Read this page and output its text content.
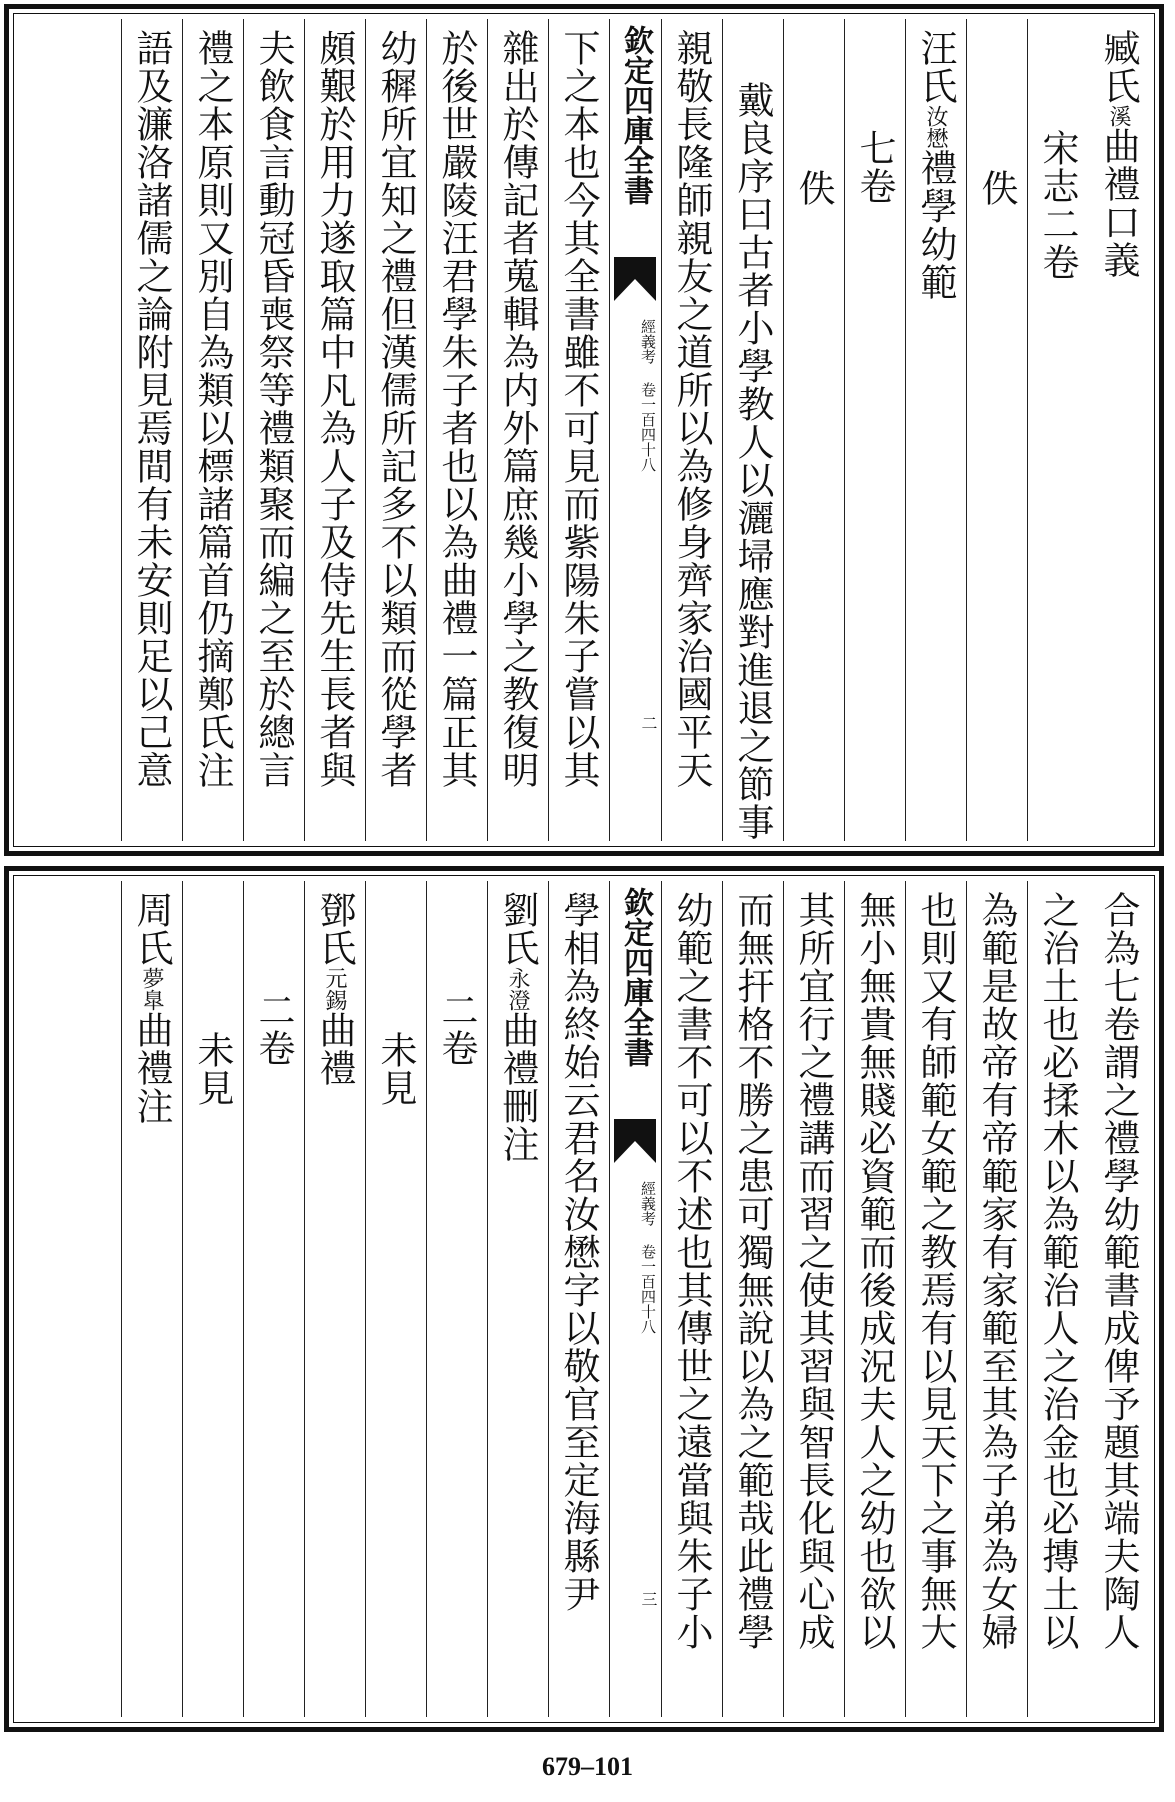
臧氏溪曲禮口義
宋志二卷
佚
汪氏汝懋禮學幼範
七卷
佚
戴良序曰古者小學教人以灑埽應對進退之節事
親敬長隆師親友之道所以為修身齊家治國平天
欽定四庫全書
經義考 卷一百四十八
二
下之本也今其全書雖不可見而紫陽朱子嘗以其
雜出於傳記者蒐輯為内外篇庶幾小學之教復明
於後世嚴陵汪君學朱子者也以為曲禮一篇正其
幼穉所宜知之禮但漢儒所記多不以類而從學者
頗艱於用力遂取篇中凡為人子及侍先生長者與
夫飲食言動冠昏喪祭等禮類聚而編之至於總言
禮之本原則又別自為類以標諸篇首仍摘鄭氏注
語及濂洛諸儒之論附見焉間有未安則足以己意
合為七卷謂之禮學幼範書成俾予題其端夫陶人
之治土也必揉木以為範治人之治金也必摶土以
為範是故帝有帝範家有家範至其為子弟為女婦
也則又有師範女範之教焉有以見天下之事無大
無小無貴無賤必資範而後成況夫人之幼也欲以
其所宜行之禮講而習之使其習與智長化與心成
而無扞格不勝之患可獨無說以為之範哉此禮學
幼範之書不可以不述也其傳世之遠當與朱子小
欽定四庫全書
經義考 卷一百四十八
三
學相為終始云君名汝懋字以敬官至定海縣尹
劉氏永澄曲禮刪注
二卷
未見
鄧氏元錫曲禮
二卷
未見
周氏夢臯曲禮注
679–101
